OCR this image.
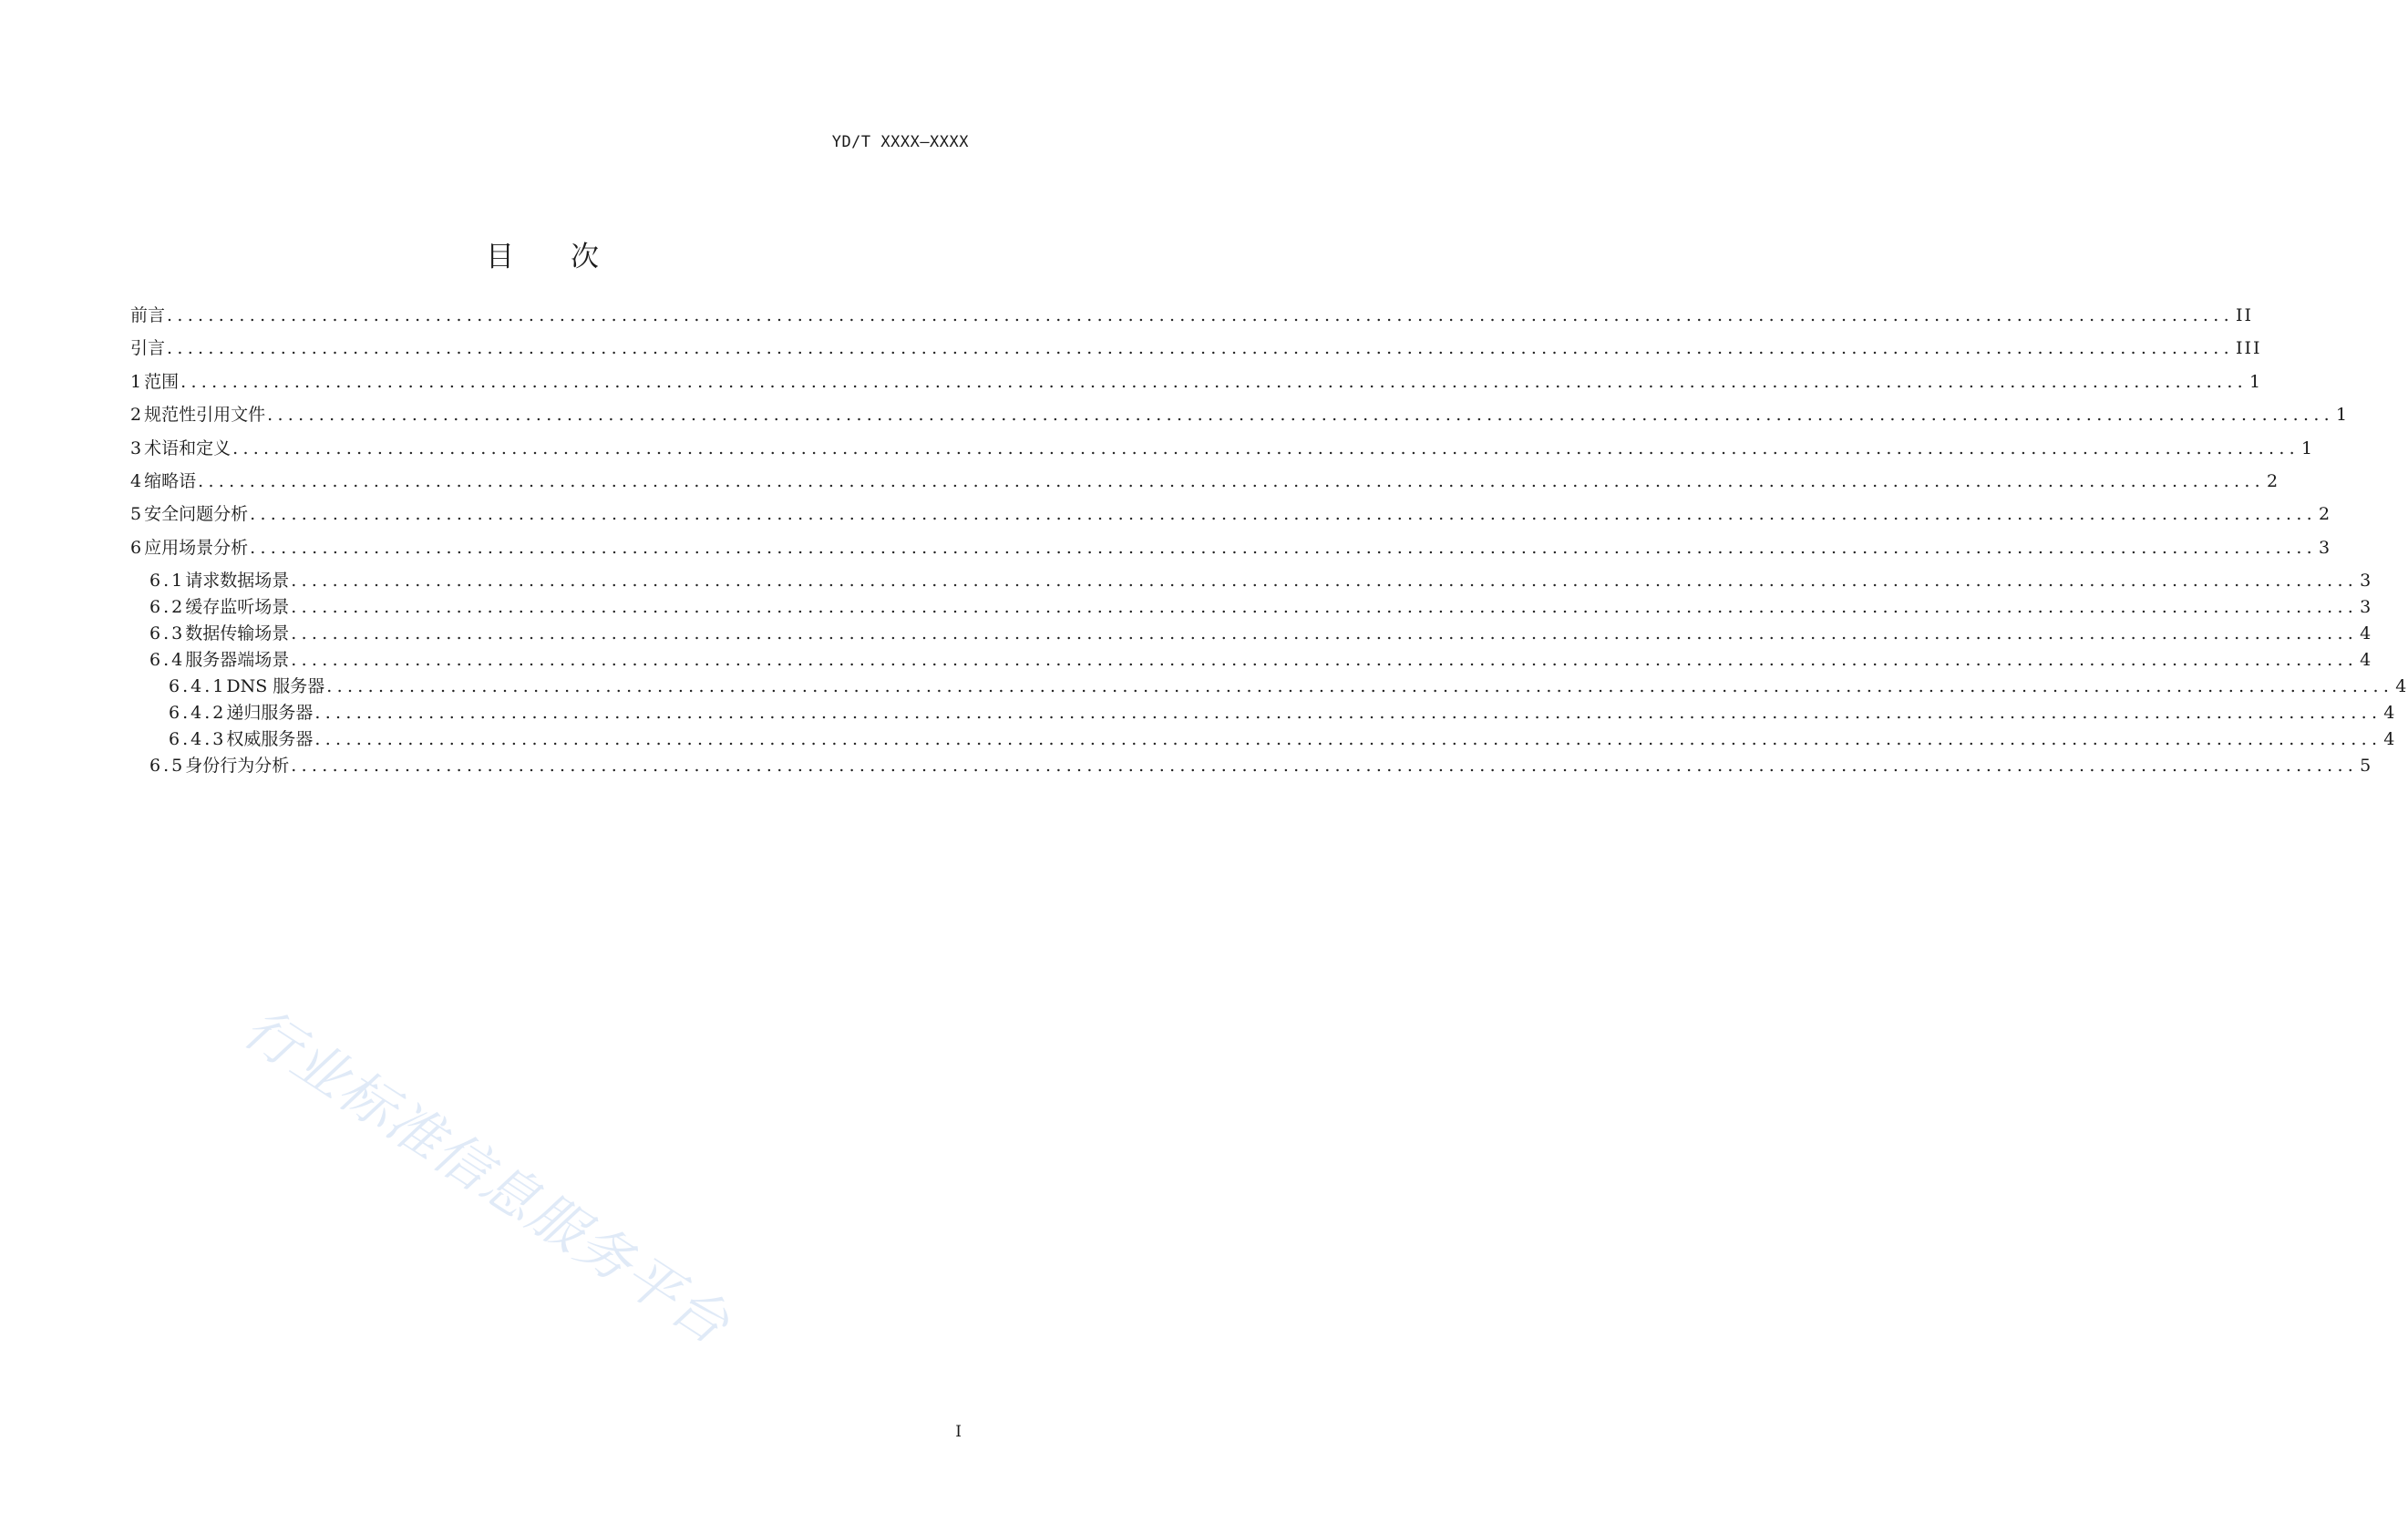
YD/T XXXX—XXXX
目 次
前言 ........................................................................................................................................................................................................ II
引言 ........................................................................................................................................................................................................ III
1 范围 ........................................................................................................................................................................................................ 1
2 规范性引用文件 ........................................................................................................................................................................................................ 1
3 术语和定义 ........................................................................................................................................................................................................ 1
4 缩略语 ........................................................................................................................................................................................................ 2
5 安全问题分析 ........................................................................................................................................................................................................ 2
6 应用场景分析 ........................................................................................................................................................................................................ 3
6.1 请求数据场景 ........................................................................................................................................................................................................ 3
6.2 缓存监听场景 ........................................................................................................................................................................................................ 3
6.3 数据传输场景 ........................................................................................................................................................................................................ 4
6.4 服务器端场景 ........................................................................................................................................................................................................ 4
6.4.1 DNS 服务器 ........................................................................................................................................................................................................ 4
6.4.2 递归服务器 ........................................................................................................................................................................................................ 4
6.4.3 权威服务器 ........................................................................................................................................................................................................ 4
6.5 身份行为分析 ........................................................................................................................................................................................................ 5
行业标准信息服务平台
I
